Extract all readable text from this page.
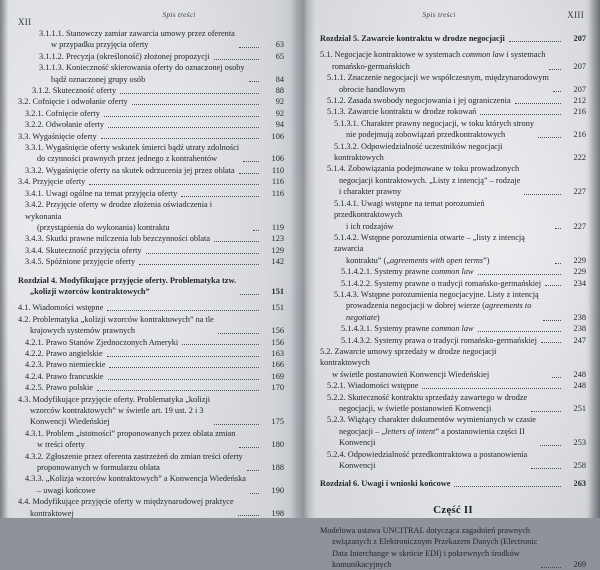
XII
Spis treści
3.1.1.1. Stanowczy zamiar zawarcia umowy przez oferenta
w przypadku przyjęcia oferty	63
3.1.1.2. Precyzja (określoność) złożonej propozycji	65
3.1.1.3. Konieczność skierowania oferty do oznaczonej osoby
bądź oznaczonej grupy osób	84
3.1.2. Skuteczność oferty	88
3.2. Cofnięcie i odwołanie oferty	92
3.2.1. Cofnięcie oferty	92
3.2.2. Odwołanie oferty	94
3.3. Wygaśnięcie oferty	106
3.3.1. Wygaśnięcie oferty wskutek śmierci bądź utraty zdolności
do czynności prawnych przez jednego z kontrahentów	106
3.3.2. Wygaśnięcie oferty na skutek odrzucenia jej przez oblata	110
3.4. Przyjęcie oferty	116
3.4.1. Uwagi ogólne na temat przyjęcia oferty	116
3.4.2. Przyjęcie oferty w drodze złożenia oświadczenia i wykonania
(przystąpienia do wykonania) kontraktu	119
3.4.3. Skutki prawne milczenia lub bezczynności oblata	123
3.4.4. Skuteczność przyjęcia oferty	129
3.4.5. Spóźnione przyjęcie oferty	142
Rozdział 4. Modyfikujące przyjęcie oferty. Problematyka tzw.
„kolizji wzorców kontraktowych”	151
4.1. Wiadomości wstępne	151
4.2. Problematyka „kolizji wzorców kontraktowych” na tle
krajowych systemów prawnych	156
4.2.1. Prawo Stanów Zjednoczonych Ameryki	156
4.2.2. Prawo angielskie	163
4.2.3. Prawo niemieckie	166
4.2.4. Prawo francuskie	169
4.2.5. Prawo polskie	170
4.3. Modyfikujące przyjęcie oferty. Problematyka „kolizji
wzorców kontraktowych” w świetle art. 19 ust. 2 i 3
Konwencji Wiedeńskiej	175
4.3.1. Problem „istotności” proponowanych przez oblata zmian
w treści oferty	180
4.3.2. Zgłoszenie przez oferenta zastrzeżeń do zmian treści oferty
proponowanych w formularzu oblata	188
4.3.3. „Kolizja wzorców kontraktowych” a Konwencja Wiedeńska
– uwagi końcowe	190
4.4. Modyfikujące przyjęcie oferty w międzynarodowej praktyce
kontraktowej	198
Spis treści	XIII
Rozdział 5. Zawarcie kontraktu w drodze negocjacji	207
5.1. Negocjacje kontraktowe w systemach common law i systemach
romańsko-germańskich	207
5.1.1. Znaczenie negocjacji we współczesnym, międzynarodowym
obrocie handlowym	207
5.1.2. Zasada swobody negocjowania i jej ograniczenia	212
5.1.3. Zawarcie kontraktu w drodze rokowań	216
5.1.3.1. Charakter prawny negocjacji, w toku których strony
nie podejmują zobowiązań przedkontraktowych	216
5.1.3.2. Odpowiedzialność uczestników negocjacji kontraktowych	222
5.1.4. Zobowiązania podejmowane w toku prowadzonych
negocjacji kontraktowych. „Listy z intencją” – rodzaje
i charakter prawny	227
5.1.4.1. Uwagi wstępne na temat porozumień przedkontraktowych
i ich rodzajów	227
5.1.4.2. Wstępne porozumienia otwarte – „listy z intencją zawarcia
kontraktu” („agreements with open terms”)	229
5.1.4.2.1. Systemy prawne common law	229
5.1.4.2.2. Systemy prawne o tradycji romańsko-germańskiej	234
5.1.4.3. Wstępne porozumienia negocjacyjne. Listy z intencją
prowadzenia negocjacji w dobrej wierze (agreements to
negotiate)	238
5.1.4.3.1. Systemy prawne common law	238
5.1.4.3.2. Systemy prawa o tradycji romańsko-germańskiej	247
5.2. Zawarcie umowy sprzedaży w drodze negocjacji kontraktowych
w świetle postanowień Konwencji Wiedeńskiej	248
5.2.1. Wiadomości wstępne	248
5.2.2. Skuteczność kontraktu sprzedaży zawartego w drodze
negocjacji, w świetle postanowień Konwencji	251
5.2.3. Wiążący charakter dokumentów wymienianych w czasie
negocjacji – „letters of intent” a postanowienia części II
Konwencji	253
5.2.4. Odpowiedzialność przedkontraktowa a postanowienia
Konwencji	258
Rozdział 6. Uwagi i wnioski końcowe	263
Część II
Modelowa ustawa UNCITRAL dotycząca zagadnień prawnych
związanych z Elektronicznym Przekazem Danych (Electronic
Data Interchange w skrócie EDI) i pokrewnych środków
komunikacyjnych	269
